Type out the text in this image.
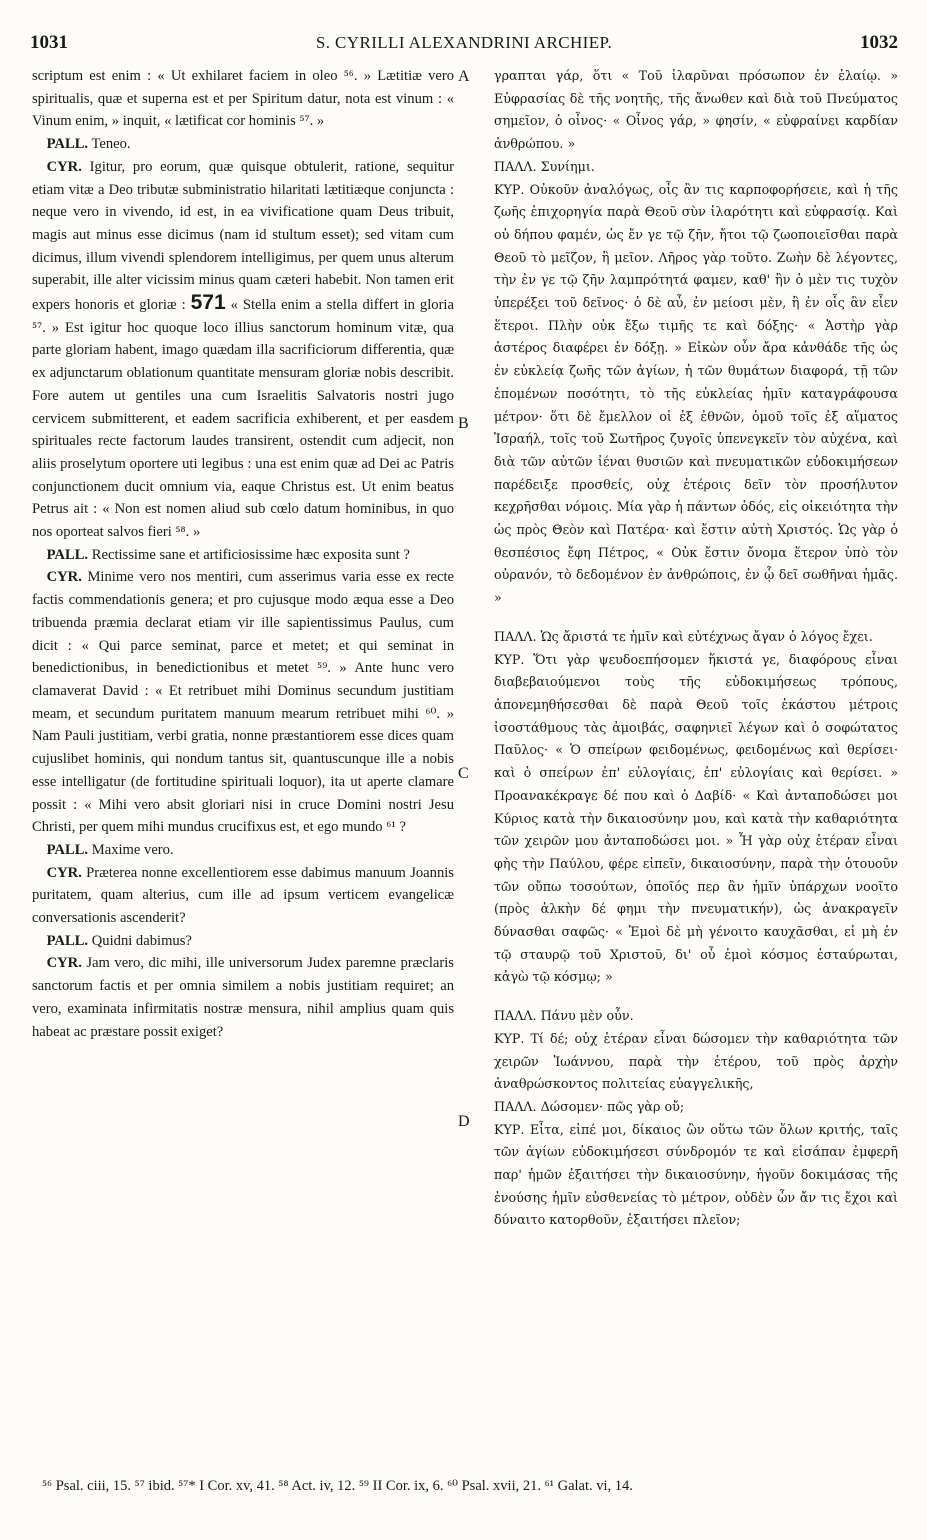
1031	S. CYRILLI ALEXANDRINI ARCHIEP.	1032
A
B
C
D

scriptum est enim : « Ut exhilaret faciem in oleo ⁵⁶. » Lætitiæ vero spiritualis, quæ et superna est et per Spiritum datur, nota est vinum : « Vinum enim, » inquit, « lætificat cor hominis ⁵⁷. »

 PALL. Teneo.

 CYR. Igitur, pro eorum, quæ quisque obtulerit, ratione, sequitur etiam vitæ a Deo tributæ subministratio hilaritati lætitiæque conjuncta : neque vero in vivendo, id est, in ea vivificatione quam Deus tribuit, magis aut minus esse dicimus (nam id stultum esset); sed vitam cum dicimus, illum vivendi splendorem intelligimus, per quem unus alterum superabit, ille alter vicissim minus quam cæteri habebit. Non tamen erit expers honoris et gloriæ : 571 « Stella enim a stella differt in gloria ⁵⁷. » Est igitur hoc quoque loco illius sanctorum hominum vitæ, qua parte gloriam habent, imago quædam illa sacrificiorum differentia, quæ ex adjunctarum oblationum quantitate mensuram gloriæ nobis describit. Fore autem ut gentiles una cum Israelitis Salvatoris nostri jugo cervicem submitterent, et eadem sacrificia exhiberent, et per easdem spirituales recte factorum laudes transirent, ostendit cum adjecit, non aliis proselytum oportere uti legibus : una est enim quæ ad Dei ac Patris conjunctionem ducit omnium via, eaque Christus est. Ut enim beatus Petrus ait : « Non est nomen aliud sub cœlo datum hominibus, in quo nos oporteat salvos fieri ⁵⁸. »

 PALL. Rectissime sane et artificiosissime hæc exposita sunt ?

 CYR. Minime vero nos mentiri, cum asserimus varia esse ex recte factis commendationis genera; et pro cujusque modo æqua esse a Deo tribuenda præmia declarat etiam vir ille sapientissimus Paulus, cum dicit : « Qui parce seminat, parce et metet; et qui seminat in benedictionibus, in benedictionibus et metet ⁵⁹. » Ante hunc vero clamaverat David : « Et retribuet mihi Dominus secundum justitiam meam, et secundum puritatem manuum mearum retribuet mihi ⁶⁰. » Nam Pauli justitiam, verbi gratia, nonne præstantiorem esse dices quam cujuslibet hominis, qui nondum tantus sit, quantuscunque ille a nobis esse intelligatur (de fortitudine spirituali loquor), ita ut aperte clamare possit : « Mihi vero absit gloriari nisi in cruce Domini nostri Jesu Christi, per quem mihi mundus crucifixus est, et ego mundo ⁶¹ ?

 PALL. Maxime vero.

 CYR. Præterea nonne excellentiorem esse dabimus manuum Joannis puritatem, quam alterius, cum ille ad ipsum verticem evangelicæ conversationis ascenderit?

 PALL. Quidni dabimus?

 CYR. Jam vero, dic mihi, ille universorum Judex paremne præclaris sanctorum factis et per omnia similem a nobis justitiam requiret; an vero, examinata infirmitatis nostræ mensura, nihil amplius quam quis habeat ac præstare possit exiget?

γραπται γάρ, ὅτι « Τοῦ ἱλαρῦναι πρόσωπον ἐν ἐλαίῳ. » Εὐφρασίας δὲ τῆς νοητῆς, τῆς ἄνωθεν καὶ διὰ τοῦ Πνεύματος σημεῖον, ὁ οἶνος· « Οἶνος γάρ, » φησίν, « εὐφραίνει καρδίαν ἀνθρώπου. »

ΠΑΛΛ. Συνίημι.

ΚΥΡ. Οὐκοῦν ἀναλόγως, οἷς ἂν τις καρποφορήσειε, καὶ ἡ τῆς ζωῆς ἐπιχορηγία παρὰ Θεοῦ σὺν ἱλαρότητι καὶ εὐφρασίᾳ. Καὶ οὐ δήπου φαμέν, ὡς ἔν γε τῷ ζῆν, ἤτοι τῷ ζωοποιεῖσθαι παρὰ Θεοῦ τὸ μεῖζον, ἢ μεῖον. Λῆρος γὰρ τοῦτο. Ζωὴν δὲ λέγοντες, τὴν ἐν γε τῷ ζῆν λαμπρότητά φαμεν, καθ' ἣν ὁ μὲν τις τυχὸν ὑπερέξει τοῦ δεῖνος· ὁ δὲ αὖ, ἐν μείοσι μὲν, ἢ ἐν οἷς ἂν εἶεν ἕτεροι. Πλὴν οὐκ ἔξω τιμῆς τε καὶ δόξης· « Ἀστὴρ γὰρ ἀστέρος διαφέρει ἐν δόξῃ. » Εἰκὼν οὖν ἄρα κἀνθάδε τῆς ὡς ἐν εὐκλείᾳ ζωῆς τῶν ἁγίων, ἡ τῶν θυμάτων διαφορά, τῇ τῶν ἑπομένων ποσότητι, τὸ τῆς εὐκλείας ἡμῖν καταγράφουσα μέτρον· ὅτι δὲ ἔμελλον οἱ ἐξ ἐθνῶν, ὁμοῦ τοῖς ἐξ αἵματος Ἰσραήλ, τοῖς τοῦ Σωτῆρος ζυγοῖς ὑπενεγκεῖν τὸν αὐχένα, καὶ διὰ τῶν αὐτῶν ἰέναι θυσιῶν καὶ πνευματικῶν εὐδοκιμήσεων παρέδειξε προσθείς, οὐχ ἑτέροις δεῖν τὸν προσήλυτον κεχρῆσθαι νόμοις. Μία γὰρ ἡ πάντων ὁδός, εἰς οἰκειότητα τὴν ὡς πρὸς Θεὸν καὶ Πατέρα· καὶ ἔστιν αὐτὴ Χριστός. Ὡς γὰρ ὁ θεσπέσιος ἔφη Πέτρος, « Οὐκ ἔστιν ὄνομα ἕτερον ὑπὸ τὸν οὐρανόν, τὸ δεδομένον ἐν ἀνθρώποις, ἐν ᾧ δεῖ σωθῆναι ἡμᾶς. »

ΠΑΛΛ. Ὡς ἄριστά τε ἡμῖν καὶ εὐτέχνως ἄγαν ὁ λόγος ἔχει.

ΚΥΡ. Ὅτι γὰρ ψευδοεπήσομεν ἥκιστά γε, διαφόρους εἶναι διαβεβαιούμενοι τοὺς τῆς εὐδοκιμήσεως τρόπους, ἀπονεμηθήσεσθαι δὲ παρὰ Θεοῦ τοῖς ἑκάστου μέτροις ἰσοστάθμους τὰς ἀμοιβάς, σαφηνιεῖ λέγων καὶ ὁ σοφώτατος Παῦλος· « Ὁ σπείρων φειδομένως, φειδομένως καὶ θερίσει· καὶ ὁ σπείρων ἐπ' εὐλογίαις, ἐπ' εὐλογίαις καὶ θερίσει. » Προανακέκραγε δέ που καὶ ὁ Δαβίδ· « Καὶ ἀνταποδώσει μοι Κύριος κατὰ τὴν δικαιοσύνην μου, καὶ κατὰ τὴν καθαριότητα τῶν χειρῶν μου ἀνταποδώσει μοι. » Ἦ γὰρ οὐχ ἑτέραν εἶναι φὴς τὴν Παύλου, φέρε εἰπεῖν, δικαιοσύνην, παρὰ τὴν ὁτουοῦν τῶν οὔπω τοσούτων, ὁποῖός περ ἂν ἡμῖν ὑπάρχων νοοῖτο (πρὸς ἀλκὴν δέ φημι τὴν πνευματικήν), ὡς ἀνακραγεῖν δύνασθαι σαφῶς· « Ἐμοὶ δὲ μὴ γένοιτο καυχᾶσθαι, εἰ μὴ ἐν τῷ σταυρῷ τοῦ Χριστοῦ, δι' οὗ ἐμοὶ κόσμος ἐσταύρωται, κἀγὼ τῷ κόσμῳ; »

ΠΑΛΛ. Πάνυ μὲν οὖν.

ΚΥΡ. Τί δέ; οὐχ ἑτέραν εἶναι δώσομεν τὴν καθαριότητα τῶν χειρῶν Ἰωάννου, παρὰ τὴν ἑτέρου, τοῦ πρὸς ἀρχὴν ἀναθρώσκοντος πολιτείας εὐαγγελικῆς,

ΠΑΛΛ. Δώσομεν· πῶς γὰρ οὔ;

ΚΥΡ. Εἶτα, εἰπέ μοι, δίκαιος ὢν οὕτω τῶν ὅλων κριτής, ταῖς τῶν ἁγίων εὐδοκιμήσεσι σύνδρομόν τε καὶ εἰσάπαν ἐμφερῆ παρ' ἡμῶν ἐξαιτήσει τὴν δικαιοσύνην, ἡγοῦν δοκιμάσας τῆς ἐνούσης ἡμῖν εὐσθενείας τὸ μέτρον, οὐδὲν ὧν ἄν τις ἔχοι καὶ δύναιτο κατορθοῦν, ἐξαιτήσει πλεῖον;

⁵⁶ Psal. ciii, 15. ⁵⁷ ibid. ⁵⁷* I Cor. xv, 41. ⁵⁸ Act. iv, 12. ⁵⁹ II Cor. ix, 6. ⁶⁰ Psal. xvii, 21. ⁶¹ Galat. vi, 14.
